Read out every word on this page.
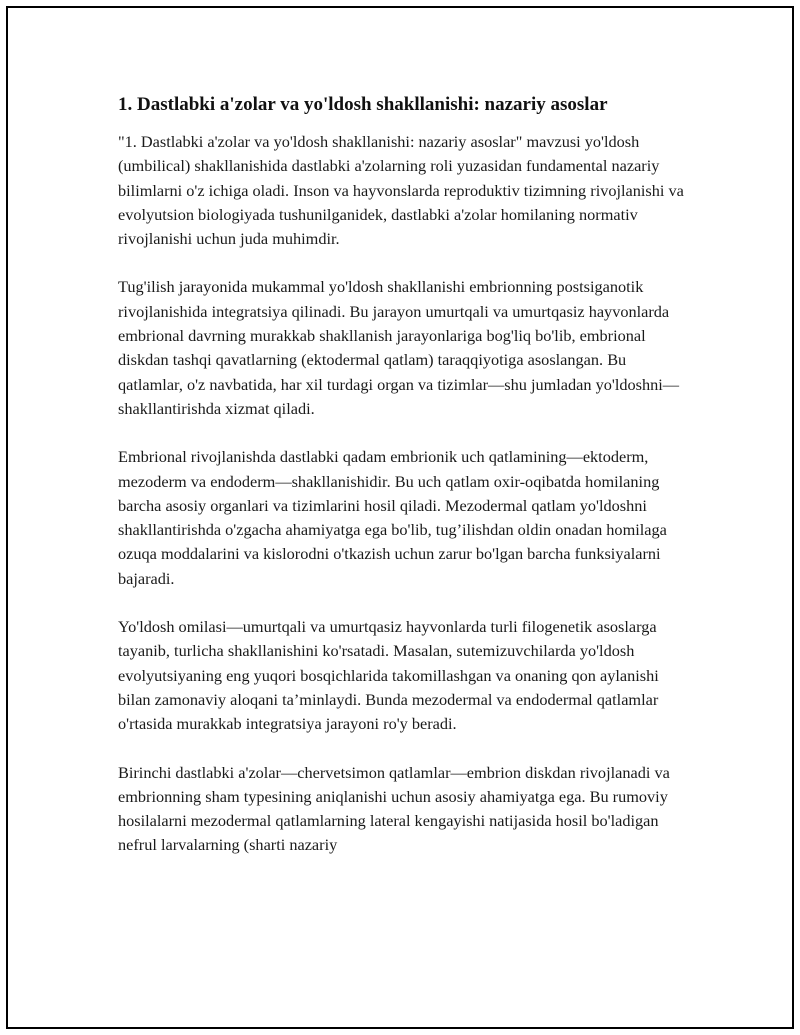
1. Dastlabki a'zolar va yo'ldosh shakllanishi: nazariy asoslar

"1. Dastlabki a'zolar va yo'ldosh shakllanishi: nazariy asoslar" mavzusi yo'ldosh (umbilical) shakllanishida dastlabki a'zolarning roli yuzasidan fundamental nazariy bilimlarni o'z ichiga oladi. Inson va hayvonslarda reproduktiv tizimning rivojlanishi va evolyutsion biologiyada tushunilganidek, dastlabki a'zolar homilaning normativ rivojlanishi uchun juda muhimdir.

Tug'ilish jarayonida mukammal yo'ldosh shakllanishi embrionning postsiganotik rivojlanishida integratsiya qilinadi. Bu jarayon umurtqali va umurtqasiz hayvonlarda embrional davrning murakkab shakllanish jarayonlariga bog'liq bo'lib, embrional diskdan tashqi qavatlarning (ektodermal qatlam) taraqqiyotiga asoslangan. Bu qatlamlar, o'z navbatida, har xil turdagi organ va tizimlar—shu jumladan yo'ldoshni—shakllantirishda xizmat qiladi.

Embrional rivojlanishda dastlabki qadam embrionik uch qatlamining—ektoderm, mezoderm va endoderm—shakllanishidir. Bu uch qatlam oxir-oqibatda homilaning barcha asosiy organlari va tizimlarini hosil qiladi. Mezodermal qatlam yo'ldoshni shakllantirishda o'zgacha ahamiyatga ega bo'lib, tug’ilishdan oldin onadan homilaga ozuqa moddalarini va kislorodni o'tkazish uchun zarur bo'lgan barcha funksiyalarni bajaradi.

Yo'ldosh omilasi—umurtqali va umurtqasiz hayvonlarda turli filogenetik asoslarga tayanib, turlicha shakllanishini ko'rsatadi. Masalan, sutemizuvchilarda yo'ldosh evolyutsiyaning eng yuqori bosqichlarida takomillashgan va onaning qon aylanishi bilan zamonaviy aloqani ta’minlaydi. Bunda mezodermal va endodermal qatlamlar o'rtasida murakkab integratsiya jarayoni ro'y beradi.

Birinchi dastlabki a'zolar—chervetsimon qatlamlar—embrion diskdan rivojlanadi va embrionning sham typesining aniqlanishi uchun asosiy ahamiyatga ega. Bu rumoviy hosilalarni mezodermal qatlamlarning lateral kengayishi natijasida hosil bo'ladigan nefrul larvalarning (sharti nazariy
